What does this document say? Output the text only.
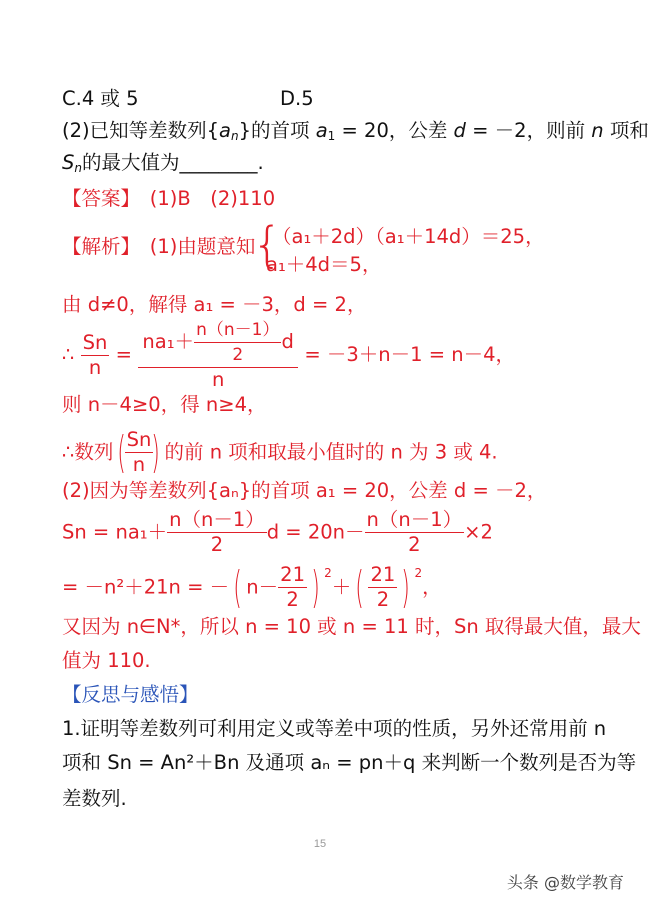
C.4 或 5	D.5
(2)已知等差数列$\{a_n\}$的首项 $a_1 = 20$，公差 d = －2，则前 n 项和
$S_n$的最大值为________.
【答案】　 (1)B　(2)110
【解析】　 (1)由题意知
{
（a₁＋2d）（a₁＋14d）＝25，
a₁＋4d＝5，
由 d≠0，解得 a₁ = －3，d = 2，
∴ $\frac{Sn}{n} = \frac{na_1+ \frac{n(n-1)}{2} d}{n} = -3+n-1 = n-4$，
则 n－4≥0，得 n≥4，
∴数列(
$\frac{Sn}{n}$
) 的前 n 项和取最小值时的 n 为 3 或 4.
(2)因为等差数列{aₙ}的首项 a₁ = 20，公差 d = －2，
$Sn = na_1+ \frac{n(n-1)}{2}$ $d = 20n- \frac{n(n-1)}{2} \times 2$
= －n²＋21n = －( $n- \frac{21}{2}$ ) $^2+( \frac{21}{2}$ ) $^2$，
又因为 n∈N*，所以 n = 10 或 n = 11 时，Sn 取得最大值，最大
值为 110.
【反思与感悟】
1.证明等差数列可利用定义或等差中项的性质，另外还常用前 n
项和 Sn = An²＋Bn 及通项 aₙ = pn＋q 来判断一个数列是否为等
差数列.
15
头条 @数学教育
